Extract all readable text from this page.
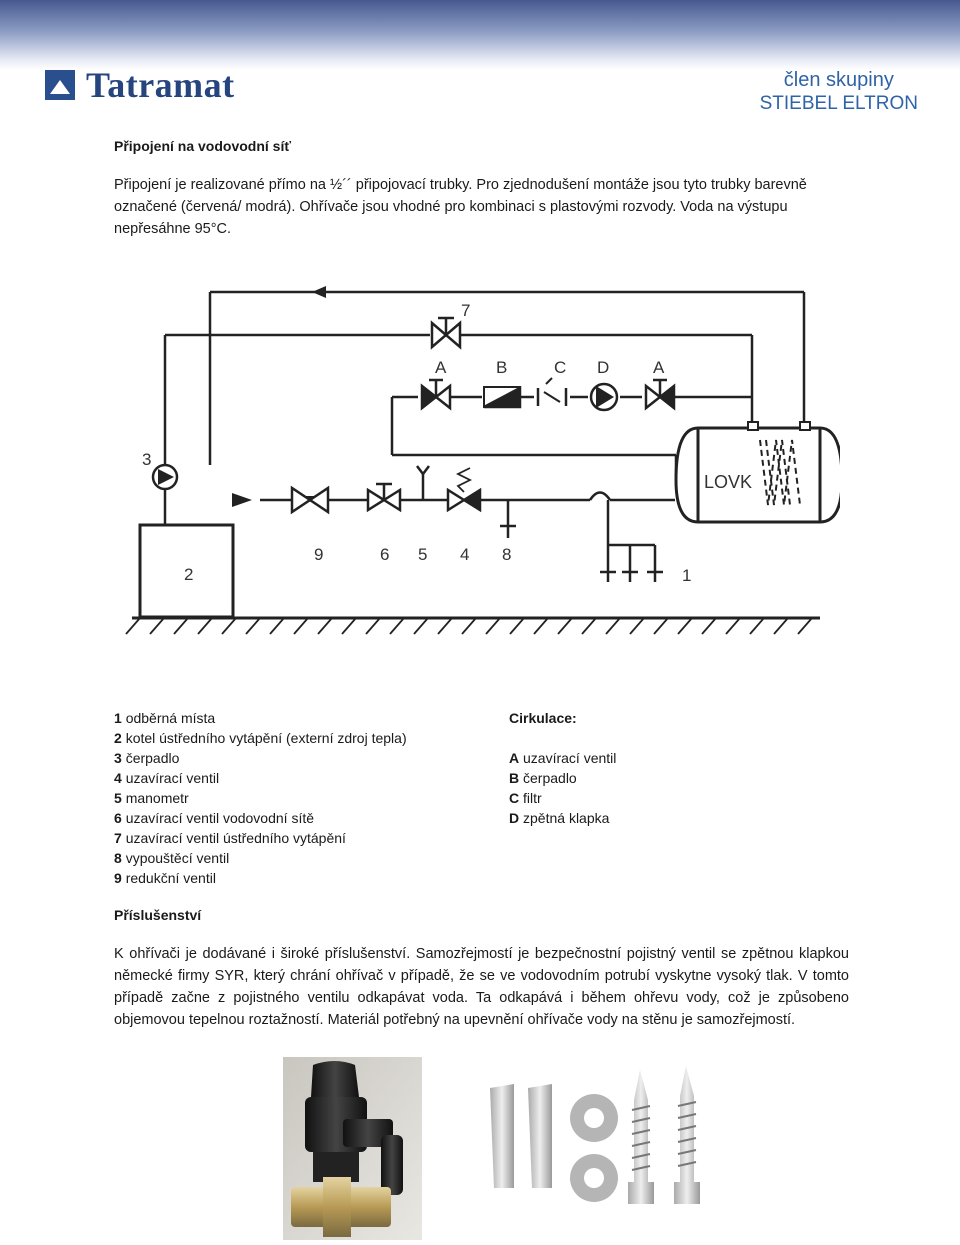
Tatramat	člen skupiny
STIEBEL ELTRON
Připojení na vodovodní síť
Připojení je realizované přímo na ½´´ připojovací trubky. Pro zjednodušení montáže jsou tyto trubky barevně označené (červená/ modrá). Ohřívače jsou vhodné pro kombinaci s plastovými rozvody. Voda na výstupu nepřesáhne 95°C.
3
2
7
A	B	C D	A
9	6 5 4 8
1
LOVK
1 odběrná místa
2 kotel ústředního vytápění (externí zdroj tepla)
3 čerpadlo
4 uzavírací ventil
5 manometr
6 uzavírací ventil vodovodní sítě
7 uzavírací ventil ústředního vytápění
8 vypouštěcí ventil
9 redukční ventil
Cirkulace:
A uzavírací ventil
B čerpadlo
C filtr
D zpětná klapka
Příslušenství
K ohřívači je dodávané i široké příslušenství. Samozřejmostí je bezpečnostní pojistný ventil se zpětnou klapkou německé firmy SYR, který chrání ohřívač v případě, že se ve vodovodním potrubí vyskytne vysoký tlak. V tomto případě začne z pojistného ventilu odkapávat voda. Ta odkapává i během ohřevu vody, což je způsobeno objemovou tepelnou roztažností. Materiál potřebný na upevnění ohřívače vody na stěnu je samozřejmostí.
